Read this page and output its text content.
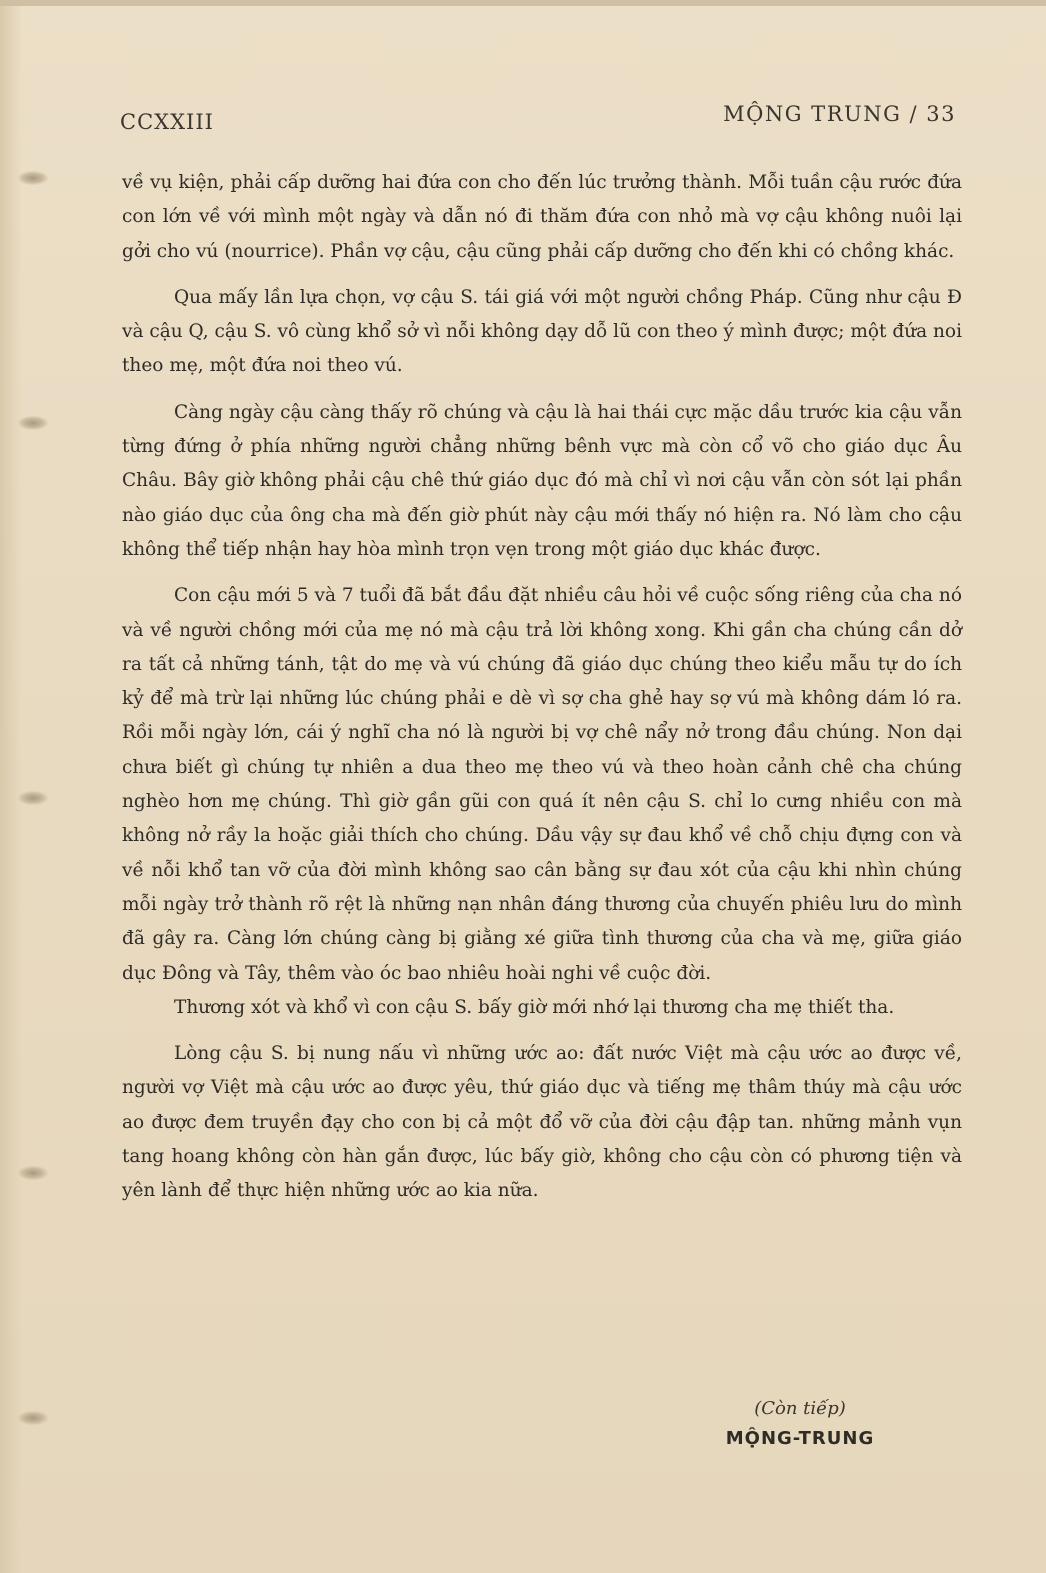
CCXXIII	MỘNG TRUNG / 33

về vụ kiện, phải cấp dưỡng hai đứa con cho đến lúc trưởng thành. Mỗi tuần cậu rước đứa con lớn về với mình một ngày và dẫn nó đi thăm đứa con nhỏ mà vợ cậu không nuôi lại gởi cho vú (nourrice). Phần vợ cậu, cậu cũng phải cấp dưỡng cho đến khi có chồng khác.

Qua mấy lần lựa chọn, vợ cậu S. tái giá với một người chồng Pháp. Cũng như cậu Đ và cậu Q, cậu S. vô cùng khổ sở vì nỗi không dạy dỗ lũ con theo ý mình được; một đứa noi theo mẹ, một đứa noi theo vú.

Càng ngày cậu càng thấy rõ chúng và cậu là hai thái cực mặc dầu trước kia cậu vẫn từng đứng ở phía những người chẳng những bênh vực mà còn cổ võ cho giáo dục Âu Châu. Bây giờ không phải cậu chê thứ giáo dục đó mà chỉ vì nơi cậu vẫn còn sót lại phần nào giáo dục của ông cha mà đến giờ phút này cậu mới thấy nó hiện ra. Nó làm cho cậu không thể tiếp nhận hay hòa mình trọn vẹn trong một giáo dục khác được.

Con cậu mới 5 và 7 tuổi đã bắt đầu đặt nhiều câu hỏi về cuộc sống riêng của cha nó và về người chồng mới của mẹ nó mà cậu trả lời không xong. Khi gần cha chúng cần dở ra tất cả những tánh, tật do mẹ và vú chúng đã giáo dục chúng theo kiểu mẫu tự do ích kỷ để mà trừ lại những lúc chúng phải e dè vì sợ cha ghẻ hay sợ vú mà không dám ló ra. Rồi mỗi ngày lớn, cái ý nghĩ cha nó là người bị vợ chê nẩy nở trong đầu chúng. Non dại chưa biết gì chúng tự nhiên a dua theo mẹ theo vú và theo hoàn cảnh chê cha chúng nghèo hơn mẹ chúng. Thì giờ gần gũi con quá ít nên cậu S. chỉ lo cưng nhiều con mà không nở rầy la hoặc giải thích cho chúng. Dầu vậy sự đau khổ về chỗ chịu đựng con và về nỗi khổ tan vỡ của đời mình không sao cân bằng sự đau xót của cậu khi nhìn chúng mỗi ngày trở thành rõ rệt là những nạn nhân đáng thương của chuyến phiêu lưu do mình đã gây ra. Càng lớn chúng càng bị giằng xé giữa tình thương của cha và mẹ, giữa giáo dục Đông và Tây, thêm vào óc bao nhiêu hoài nghi về cuộc đời.

Thương xót và khổ vì con cậu S. bấy giờ mới nhớ lại thương cha mẹ thiết tha.

Lòng cậu S. bị nung nấu vì những ước ao: đất nước Việt mà cậu ước ao được về, người vợ Việt mà cậu ước ao được yêu, thứ giáo dục và tiếng mẹ thâm thúy mà cậu ước ao được đem truyền đạy cho con bị cả một đổ vỡ của đời cậu đập tan. những mảnh vụn tang hoang không còn hàn gắn được, lúc bấy giờ, không cho cậu còn có phương tiện và yên lành để thực hiện những ước ao kia nữa.

(Còn tiếp)
MỘNG-TRUNG
